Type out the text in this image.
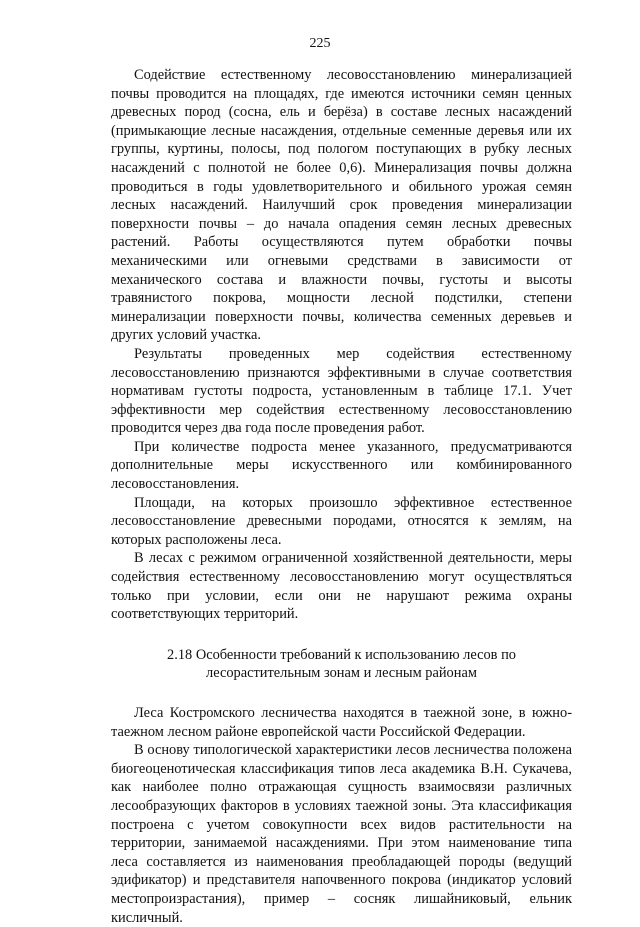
225

Содействие естественному лесовосстановлению минерализацией почвы проводится на площадях, где имеются источники семян ценных древесных пород (сосна, ель и берёза) в составе лесных насаждений (примыкающие лесные насаждения, отдельные семенные деревья или их группы, куртины, полосы, под пологом поступающих в рубку лесных насаждений с полнотой не более 0,6). Минерализация почвы должна проводиться в годы удовлетворительного и обильного урожая семян лесных насаждений. Наилучший срок проведения минерализации поверхности почвы – до начала опадения семян лесных древесных растений. Работы осуществляются путем обработки почвы механическими или огневыми средствами в зависимости от механического состава и влажности почвы, густоты и высоты травянистого покрова, мощности лесной подстилки, степени минерализации поверхности почвы, количества семенных деревьев и других условий участка.

Результаты проведенных мер содействия естественному лесовосстановлению признаются эффективными в случае соответствия нормативам густоты подроста, установленным в таблице 17.1. Учет эффективности мер содействия естественному лесовосстановлению проводится через два года после проведения работ.

При количестве подроста менее указанного, предусматриваются дополнительные меры искусственного или комбинированного лесовосстановления.

Площади, на которых произошло эффективное естественное лесовосстановление древесными породами, относятся к землям, на которых расположены леса.

В лесах с режимом ограниченной хозяйственной деятельности, меры содействия естественному лесовосстановлению могут осуществляться только при условии, если они не нарушают режима охраны соответствующих территорий.

2.18 Особенности требований к использованию лесов по
лесорастительным зонам и лесным районам

Леса Костромского лесничества находятся в таежной зоне, в южно-таежном лесном районе европейской части Российской Федерации.

В основу типологической характеристики лесов лесничества положена биогеоценотическая классификация типов леса академика В.Н. Сукачева, как наиболее полно отражающая сущность взаимосвязи различных лесообразующих факторов в условиях таежной зоны. Эта классификация построена с учетом совокупности всех видов растительности на территории, занимаемой насаждениями. При этом наименование типа леса составляется из наименования преобладающей породы (ведущий эдификатор) и представителя напочвенного покрова (индикатор условий местопроизрастания), пример – сосняк лишайниковый, ельник кисличный.
